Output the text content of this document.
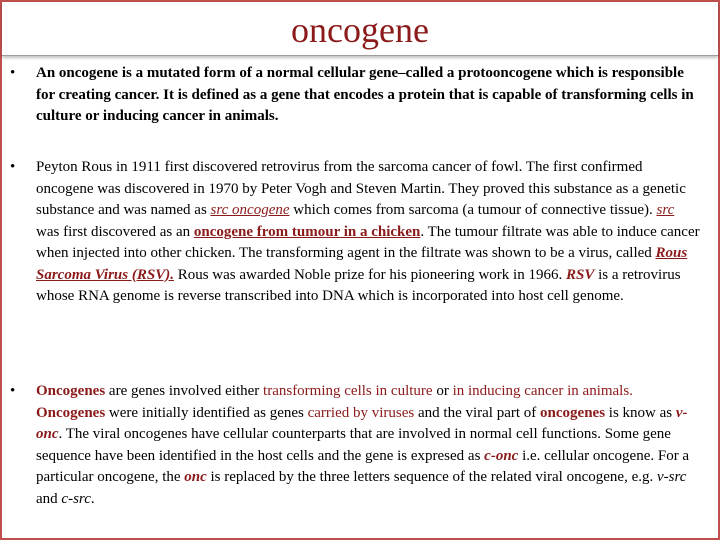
oncogene
•	An oncogene is a mutated form of a normal cellular gene–called a protooncogene which is responsible for creating cancer. It is defined as a gene that encodes a protein that is capable of transforming cells in culture or inducing cancer in animals.
•	Peyton Rous in 1911 first discovered retrovirus from the sarcoma cancer of fowl. The first confirmed oncogene was discovered in 1970 by Peter Vogh and Steven Martin. They proved this substance as a genetic substance and was named as src oncogene which comes from sarcoma (a tumour of connective tissue). src was first discovered as an oncogene from tumour in a chicken. The tumour filtrate was able to induce cancer when injected into other chicken. The transforming agent in the filtrate was shown to be a virus, called Rous Sarcoma Virus (RSV). Rous was awarded Noble prize for his pioneering work in 1966. RSV is a retrovirus whose RNA genome is reverse transcribed into DNA which is incorporated into host cell genome.
•	Oncogenes are genes involved either transforming cells in culture or in inducing cancer in animals. Oncogenes were initially identified as genes carried by viruses and the viral part of oncogenes is know as v-onc. The viral oncogenes have cellular counterparts that are involved in normal cell functions. Some gene sequence have been identified in the host cells and the gene is expresed as c-onc i.e. cellular oncogene. For a particular oncogene, the onc is replaced by the three letters sequence of the related viral oncogene, e.g. v-src and c-src.
